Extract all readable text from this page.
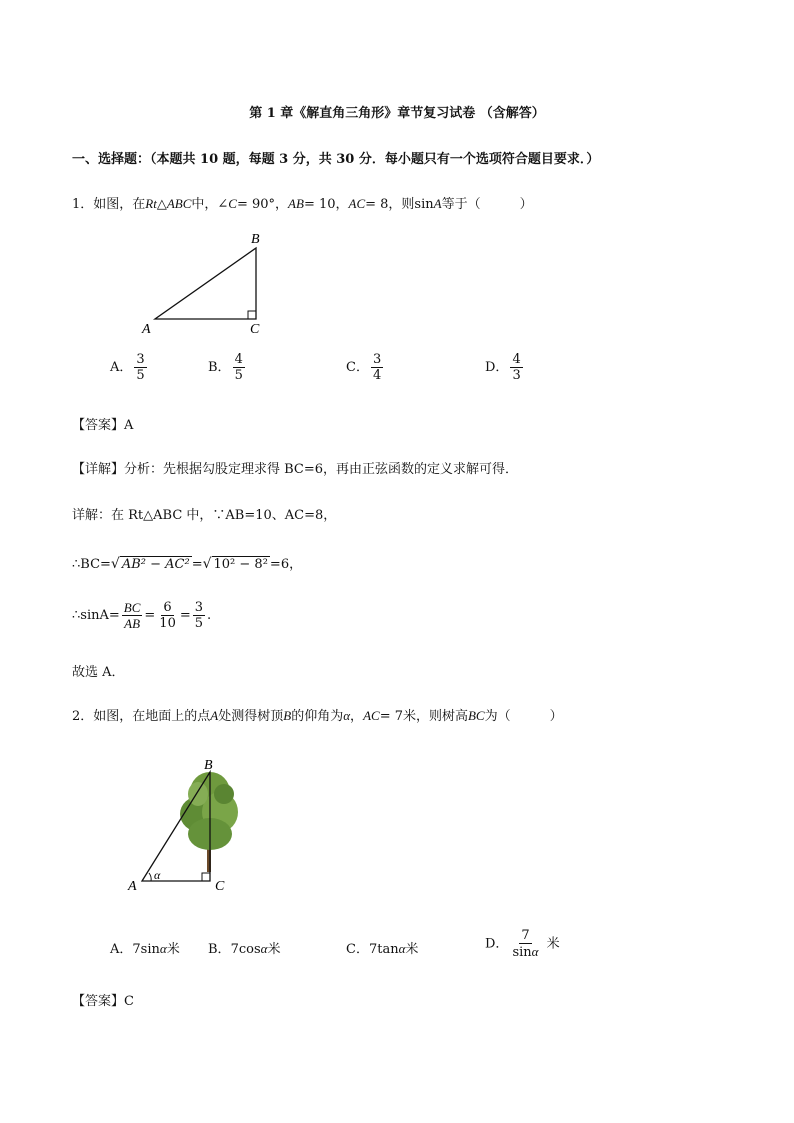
第 1 章《解直角三角形》章节复习试卷 （含解答）
一、选择题：（本题共 10 题，每题 3 分，共 30 分．每小题只有一个选项符合题目要求．）
1．如图，在Rt△ABC中，∠C= 90°，AB= 10，AC= 8，则sinA等于（　　　）
A
B
C
A． $\frac{3}{5}$	B． $\frac{4}{5}$	C． $\frac{3}{4}$	D． $\frac{4}{3}$
【答案】A
【详解】分析：先根据勾股定理求得 BC=6，再由正弦函数的定义求解可得．
详解：在 Rt△ABC 中，∵AB=10、AC=8，
∴BC=√ AB² − AC² =√ 10² − 8² =6，
∴sinA= $\frac{BC}{AB} = \frac{6}{10} = \frac{3}{5}$ .
故选 A．
2．如图，在地面上的点A处测得树顶B的仰角为α，AC= 7米，则树高BC为（　　　）
A
B
C
α
A．7sinα米 B．7cosα米	C．7tanα米	D． $\frac{7}{\sin\alpha}$ 米
【答案】C
